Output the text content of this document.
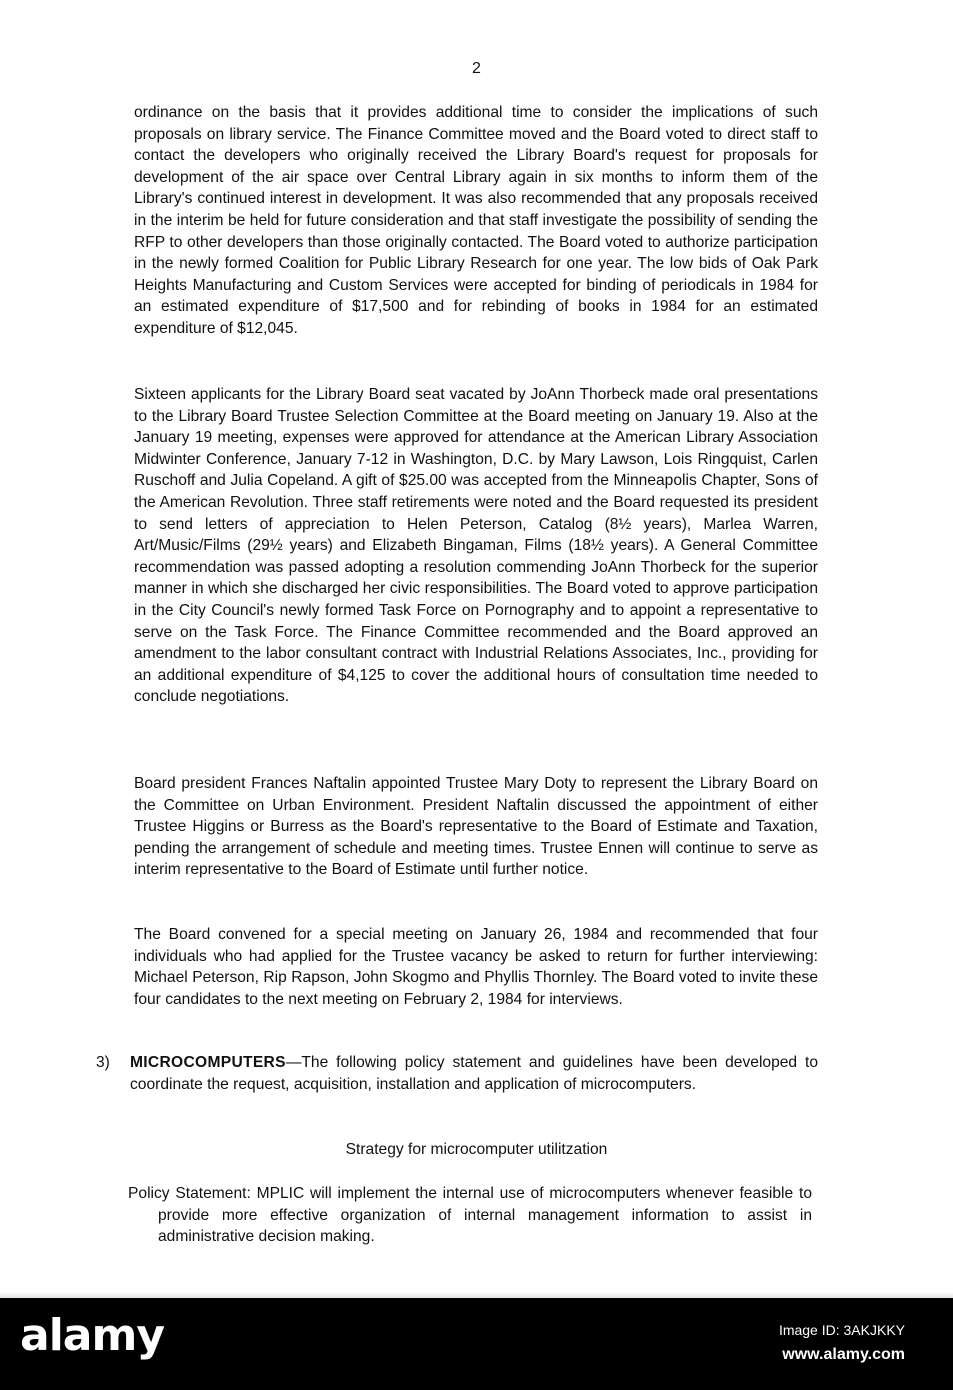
2

ordinance on the basis that it provides additional time to consider the implications of such proposals on library service. The Finance Committee moved and the Board voted to direct staff to contact the developers who originally received the Library Board's request for proposals for development of the air space over Central Library again in six months to inform them of the Library's continued interest in development. It was also recommended that any proposals received in the interim be held for future consideration and that staff investigate the possibility of sending the RFP to other developers than those originally contacted. The Board voted to authorize participation in the newly formed Coalition for Public Library Research for one year. The low bids of Oak Park Heights Manufacturing and Custom Services were accepted for binding of periodicals in 1984 for an estimated expenditure of $17,500 and for rebinding of books in 1984 for an estimated expenditure of $12,045.

Sixteen applicants for the Library Board seat vacated by JoAnn Thorbeck made oral presentations to the Library Board Trustee Selection Committee at the Board meeting on January 19. Also at the January 19 meeting, expenses were approved for attendance at the American Library Association Midwinter Conference, January 7-12 in Washington, D.C. by Mary Lawson, Lois Ringquist, Carlen Ruschoff and Julia Copeland. A gift of $25.00 was accepted from the Minneapolis Chapter, Sons of the American Revolution. Three staff retirements were noted and the Board requested its president to send letters of appreciation to Helen Peterson, Catalog (8½ years), Marlea Warren, Art/Music/Films (29½ years) and Elizabeth Bingaman, Films (18½ years). A General Committee recommendation was passed adopting a resolution commending JoAnn Thorbeck for the superior manner in which she discharged her civic responsibilities. The Board voted to approve participation in the City Council's newly formed Task Force on Pornography and to appoint a representative to serve on the Task Force. The Finance Committee recommended and the Board approved an amendment to the labor consultant contract with Industrial Relations Associates, Inc., providing for an additional expenditure of $4,125 to cover the additional hours of consultation time needed to conclude negotiations.

Board president Frances Naftalin appointed Trustee Mary Doty to represent the Library Board on the Committee on Urban Environment. President Naftalin discussed the appointment of either Trustee Higgins or Burress as the Board's representative to the Board of Estimate and Taxation, pending the arrangement of schedule and meeting times. Trustee Ennen will continue to serve as interim representative to the Board of Estimate until further notice.

The Board convened for a special meeting on January 26, 1984 and recommended that four individuals who had applied for the Trustee vacancy be asked to return for further interviewing: Michael Peterson, Rip Rapson, John Skogmo and Phyllis Thornley. The Board voted to invite these four candidates to the next meeting on February 2, 1984 for interviews.

3)	MICROCOMPUTERS—The following policy statement and guidelines have been developed to coordinate the request, acquisition, installation and application of microcomputers.
Strategy for microcomputer utilitzation
Policy Statement: MPLIC will implement the internal use of microcomputers whenever feasible to provide more effective organization of internal management information to assist in administrative decision making.
alamy	Image ID: 3AKJKKY
www.alamy.com
